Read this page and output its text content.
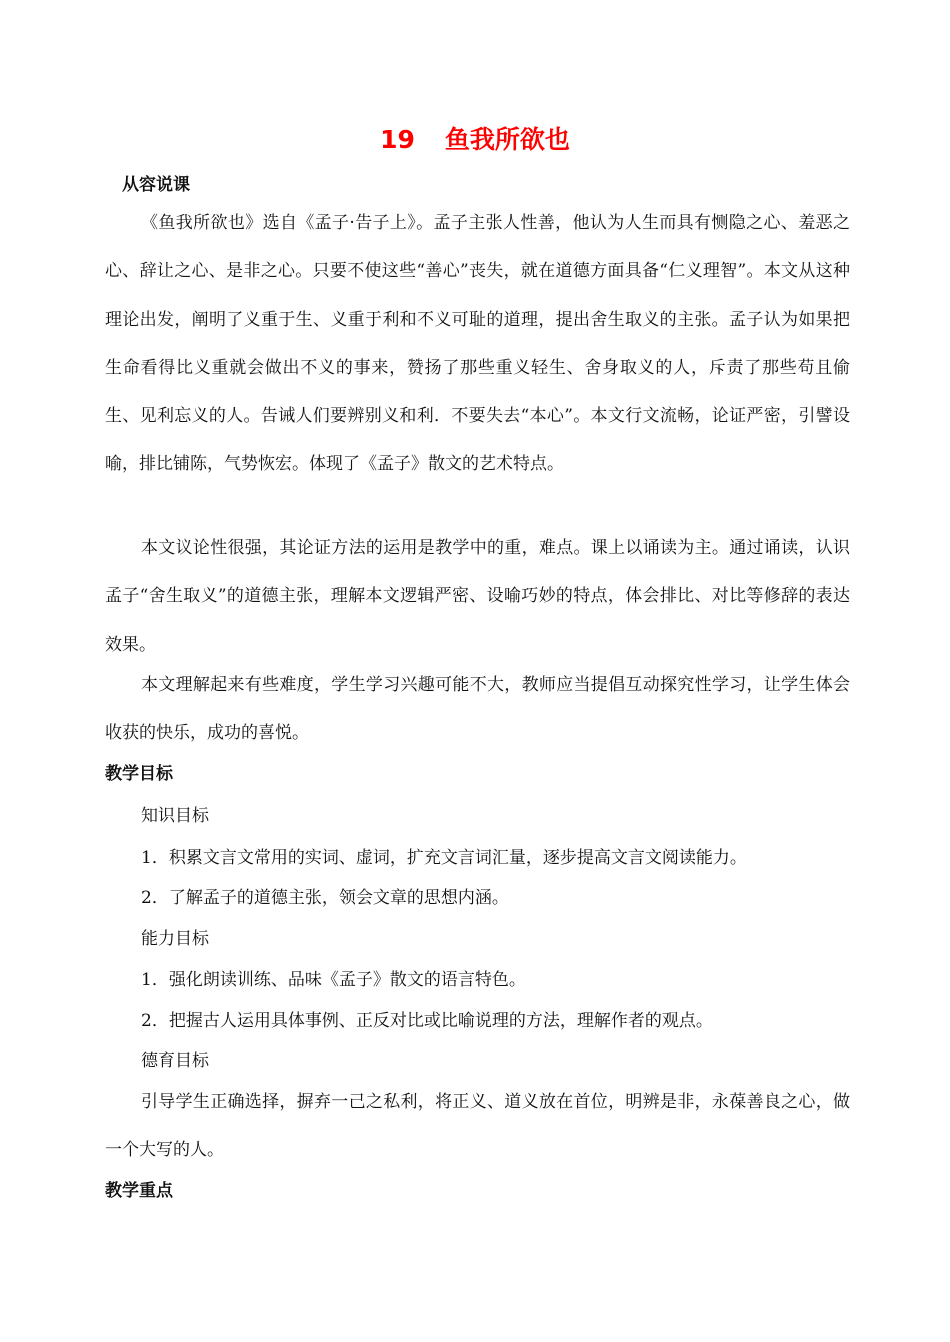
19 鱼我所欲也
从容说课

《鱼我所欲也》选自《孟子·告子上》。孟子主张人性善，他认为人生而具有恻隐之心、羞恶之心、辞让之心、是非之心。只要不使这些“善心”丧失，就在道德方面具备“仁义理智”。本文从这种理论出发，阐明了义重于生、义重于利和不义可耻的道理，提出舍生取义的主张。孟子认为如果把生命看得比义重就会做出不义的事来，赞扬了那些重义轻生、舍身取义的人，斥责了那些苟且偷生、见利忘义的人。告诫人们要辨别义和利．不要失去“本心”。本文行文流畅，论证严密，引譬设喻，排比铺陈，气势恢宏。体现了《孟子》散文的艺术特点。

本文议论性很强，其论证方法的运用是教学中的重，难点。课上以诵读为主。通过诵读，认识孟子“舍生取义”的道德主张，理解本文逻辑严密、设喻巧妙的特点，体会排比、对比等修辞的表达效果。

本文理解起来有些难度，学生学习兴趣可能不大，教师应当提倡互动探究性学习，让学生体会收获的快乐，成功的喜悦。

教学目标

知识目标

1．积累文言文常用的实词、虚词，扩充文言词汇量，逐步提高文言文阅读能力。

2．了解孟子的道德主张，领会文章的思想内涵。

能力目标

1．强化朗读训练、品味《孟子》散文的语言特色。

2．把握古人运用具体事例、正反对比或比喻说理的方法，理解作者的观点。

德育目标

引导学生正确选择，摒弃一己之私利，将正义、道义放在首位，明辨是非，永葆善良之心，做一个大写的人。

教学重点
